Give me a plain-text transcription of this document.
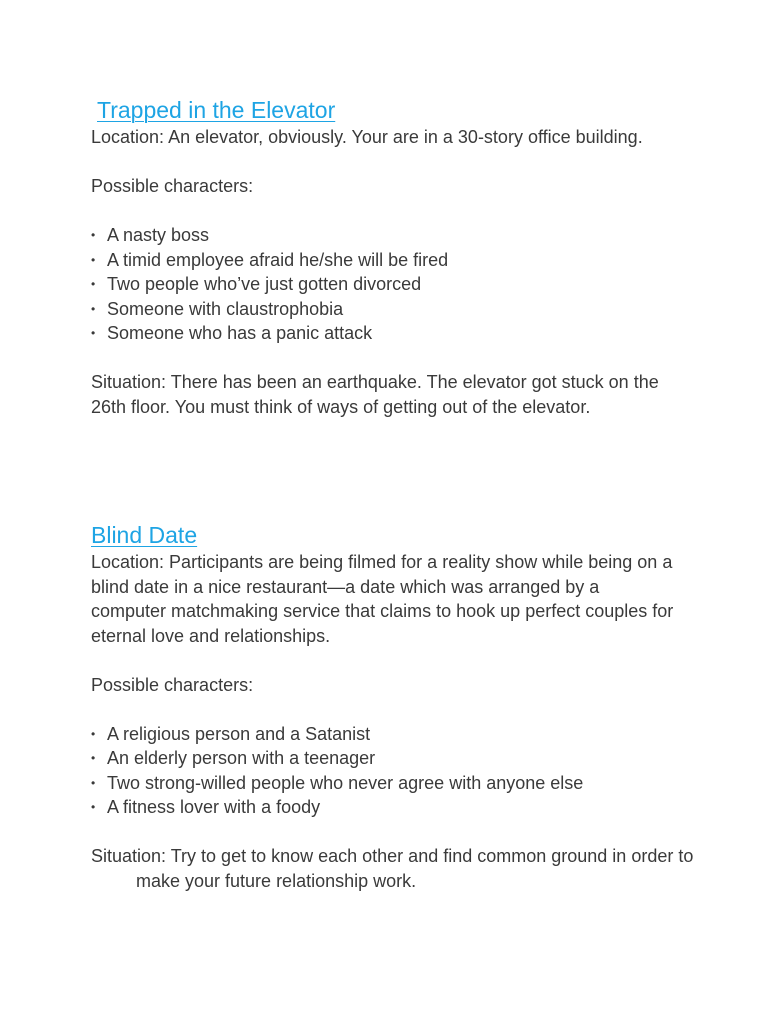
Trapped in the Elevator

Location: An elevator, obviously. Your are in a 30-story office building.

Possible characters:

• A nasty boss
• A timid employee afraid he/she will be fired
• Two people who’ve just gotten divorced
• Someone with claustrophobia
• Someone who has a panic attack

Situation: There has been an earthquake. The elevator got stuck on the 26th floor. You must think of ways of getting out of the elevator.

Blind Date

Location: Participants are being filmed for a reality show while being on a blind date in a nice restaurant—a date which was arranged by a computer matchmaking service that claims to hook up perfect couples for eternal love and relationships.

Possible characters:

• A religious person and a Satanist
• An elderly person with a teenager
• Two strong-willed people who never agree with anyone else
• A fitness lover with a foody

Situation: Try to get to know each other and find common ground in order to make your future relationship work.
